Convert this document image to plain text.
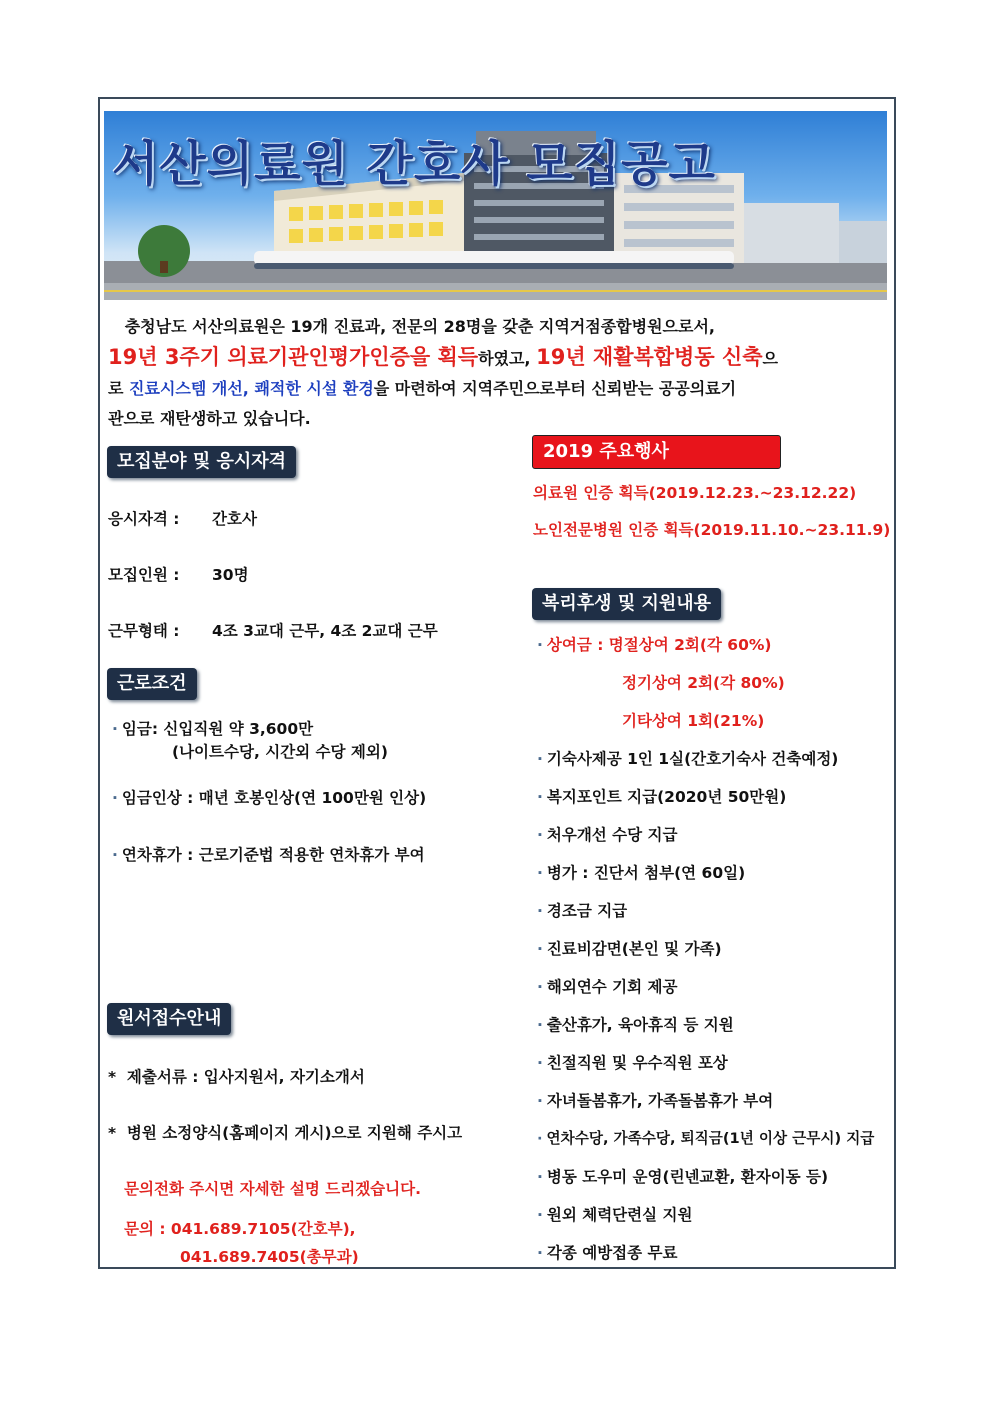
서산의료원 간호사 모집공고
충청남도 서산의료원은 19개 진료과, 전문의 28명을 갖춘 지역거점종합병원으로서,
19년 3주기 의료기관인평가인증을 획득하였고, 19년 재활복합병동 신축으
로 진료시스템 개선, 쾌적한 시설 환경을 마련하여 지역주민으로부터 신뢰받는 공공의료기
관으로 재탄생하고 있습니다.
모집분야 및 응시자격
응시자격 : 간호사
모집인원 : 30명
근무형태 : 4조 3교대 근무, 4조 2교대 근무
근로조건
· 임금: 신입직원 약 3,600만
(나이트수당, 시간외 수당 제외)
· 임금인상 : 매년 호봉인상(연 100만원 인상)
· 연차휴가 : 근로기준법 적용한 연차휴가 부여
원서접수안내
* 제출서류 : 입사지원서, 자기소개서
* 병원 소정양식(홈페이지 게시)으로 지원해 주시고
문의전화 주시면 자세한 설명 드리겠습니다.
문의 : 041.689.7105(간호부),
041.689.7405(총무과)
2019 주요행사
의료원 인증 획득(2019.12.23.~23.12.22)
노인전문병원 인증 획득(2019.11.10.~23.11.9)
복리후생 및 지원내용
· 상여금 : 명절상여 2회(각 60%)
정기상여 2회(각 80%)
기타상여 1회(21%)
· 기숙사제공 1인 1실(간호기숙사 건축예정)
· 복지포인트 지급(2020년 50만원)
· 처우개선 수당 지급
· 병가 : 진단서 첨부(연 60일)
· 경조금 지급
· 진료비감면(본인 및 가족)
· 해외연수 기회 제공
· 출산휴가, 육아휴직 등 지원
· 친절직원 및 우수직원 포상
· 자녀돌봄휴가, 가족돌봄휴가 부여
· 연차수당, 가족수당, 퇴직금(1년 이상 근무시) 지급
· 병동 도우미 운영(린넨교환, 환자이동 등)
· 원외 체력단련실 지원
· 각종 예방접종 무료
